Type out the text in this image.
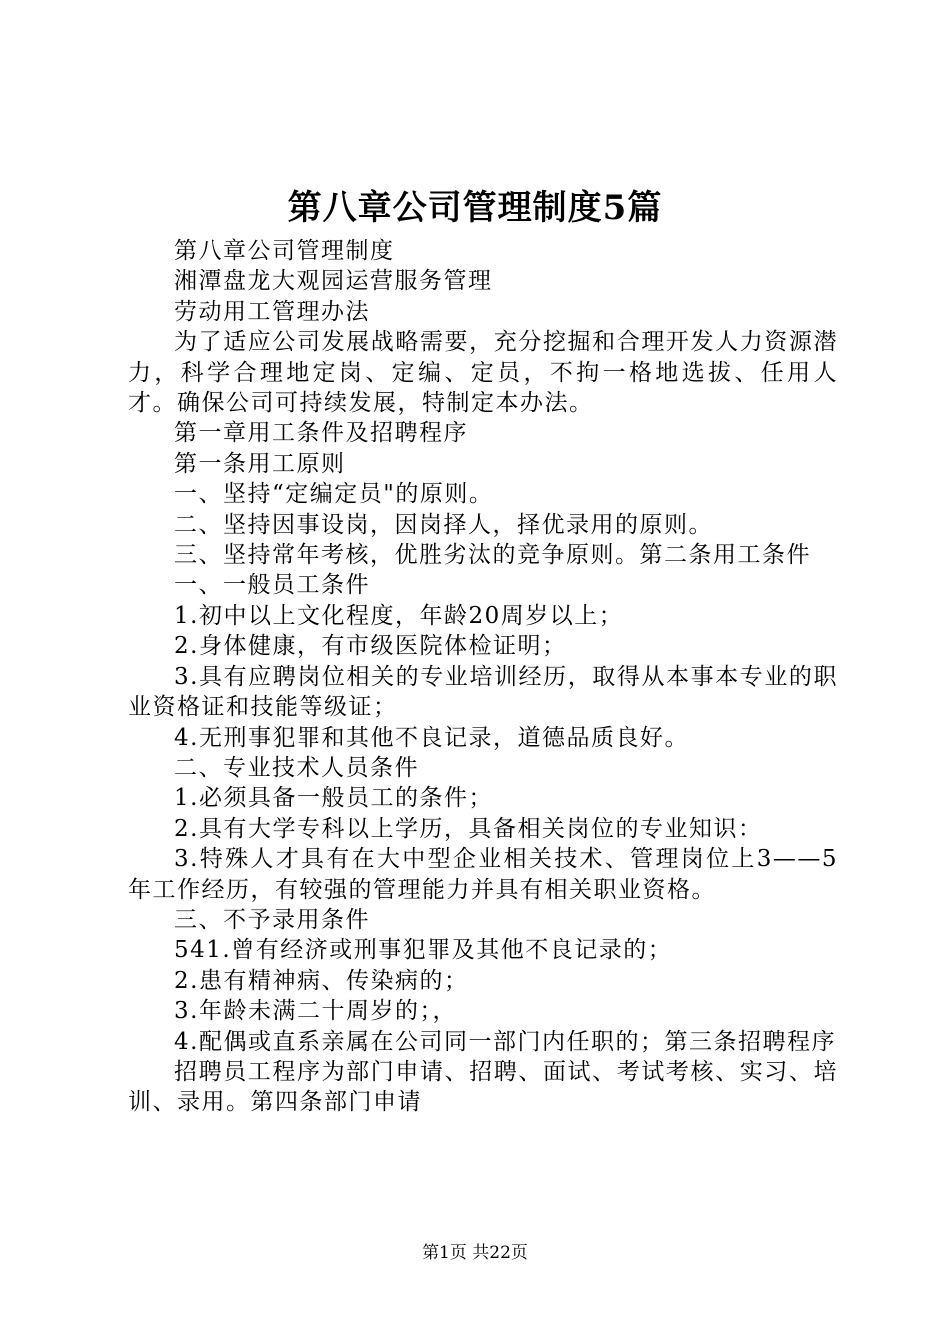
第八章公司管理制度5篇

第八章公司管理制度

湘潭盘龙大观园运营服务管理

劳动用工管理办法

为了适应公司发展战略需要，充分挖掘和合理开发人力资源潜力，科学合理地定岗、定编、定员，不拘一格地选拔、任用人才。确保公司可持续发展，特制定本办法。

第一章用工条件及招聘程序

第一条用工原则

一、坚持“定编定员"的原则。

二、坚持因事设岗，因岗择人，择优录用的原则。

三、坚持常年考核，优胜劣汰的竞争原则。第二条用工条件

一、一般员工条件

1.初中以上文化程度，年龄20周岁以上；

2.身体健康，有市级医院体检证明；

3.具有应聘岗位相关的专业培训经历，取得从本事本专业的职业资格证和技能等级证；

4.无刑事犯罪和其他不良记录，道德品质良好。

二、专业技术人员条件

1.必须具备一般员工的条件；

2.具有大学专科以上学历，具备相关岗位的专业知识：

3.特殊人才具有在大中型企业相关技术、管理岗位上3——5年工作经历，有较强的管理能力并具有相关职业资格。

三、不予录用条件

541.曾有经济或刑事犯罪及其他不良记录的；

2.患有精神病、传染病的；

3.年龄未满二十周岁的；，

4.配偶或直系亲属在公司同一部门内任职的；第三条招聘程序

招聘员工程序为部门申请、招聘、面试、考试考核、实习、培训、录用。第四条部门申请

第1页 共22页
